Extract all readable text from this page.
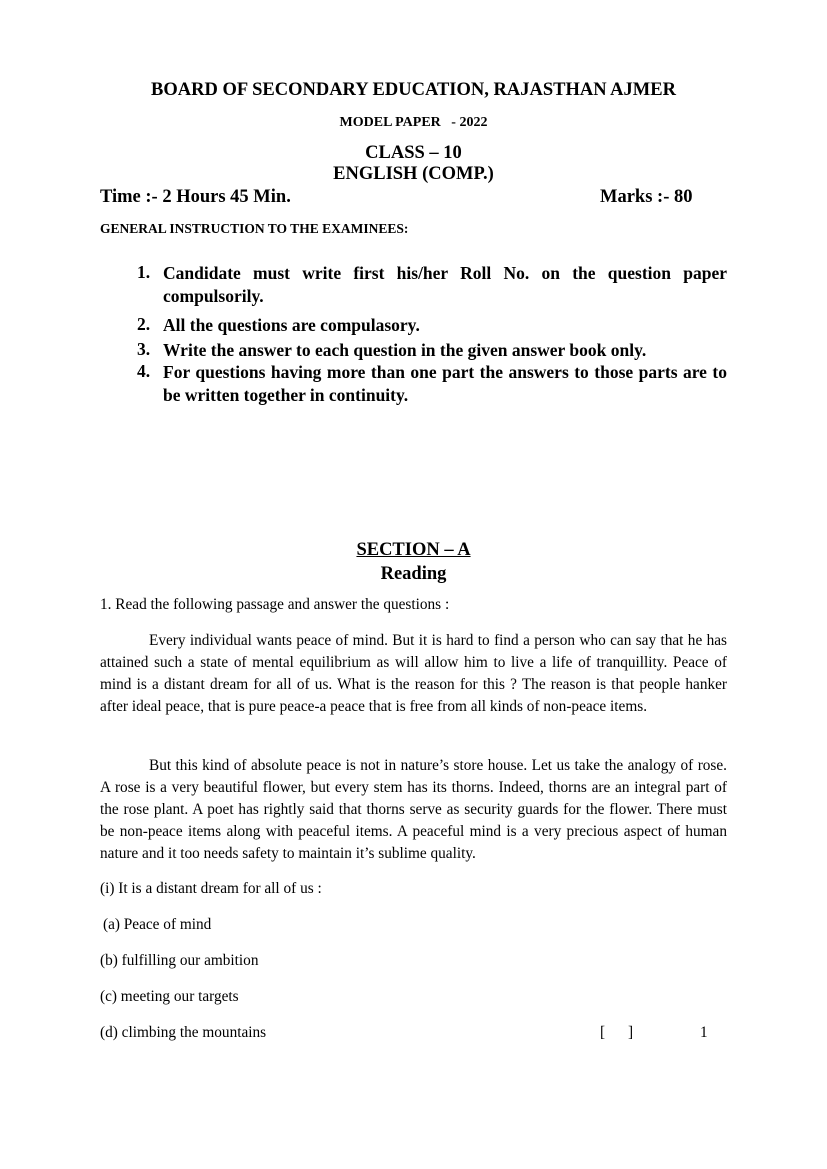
BOARD OF SECONDARY EDUCATION, RAJASTHAN AJMER
MODEL PAPER   - 2022
CLASS – 10
ENGLISH (COMP.)
Time :- 2 Hours 45 Min.	Marks :- 80
GENERAL INSTRUCTION TO THE EXAMINEES:
1. Candidate must write first his/her Roll No. on the question paper compulsorily.
2. All the questions are compulasory.
3. Write the answer to each question in the given answer book only.
4. For questions having more than one part the answers to those parts are to be written together in continuity.
SECTION – A
Reading
1. Read the following passage and answer the questions :
Every individual wants peace of mind. But it is hard to find a person who can say that he has attained such a state of mental equilibrium as will allow him to live a life of tranquillity. Peace of mind is a distant dream for all of us. What is the reason for this ? The reason is that people hanker after ideal peace, that is pure peace-a peace that is free from all kinds of non-peace items.
But this kind of absolute peace is not in nature’s store house. Let us take the analogy of rose. A rose is a very beautiful flower, but every stem has its thorns. Indeed, thorns are an integral part of the rose plant. A poet has rightly said that thorns serve as security guards for the flower. There must be non-peace items along with peaceful items. A peaceful mind is a very precious aspect of human nature and it too needs safety to maintain it’s sublime quality.
(i) It is a distant dream for all of us :
(a) Peace of mind
(b) fulfilling our ambition
(c) meeting our targets
(d) climbing the mountains	[      ]	1
